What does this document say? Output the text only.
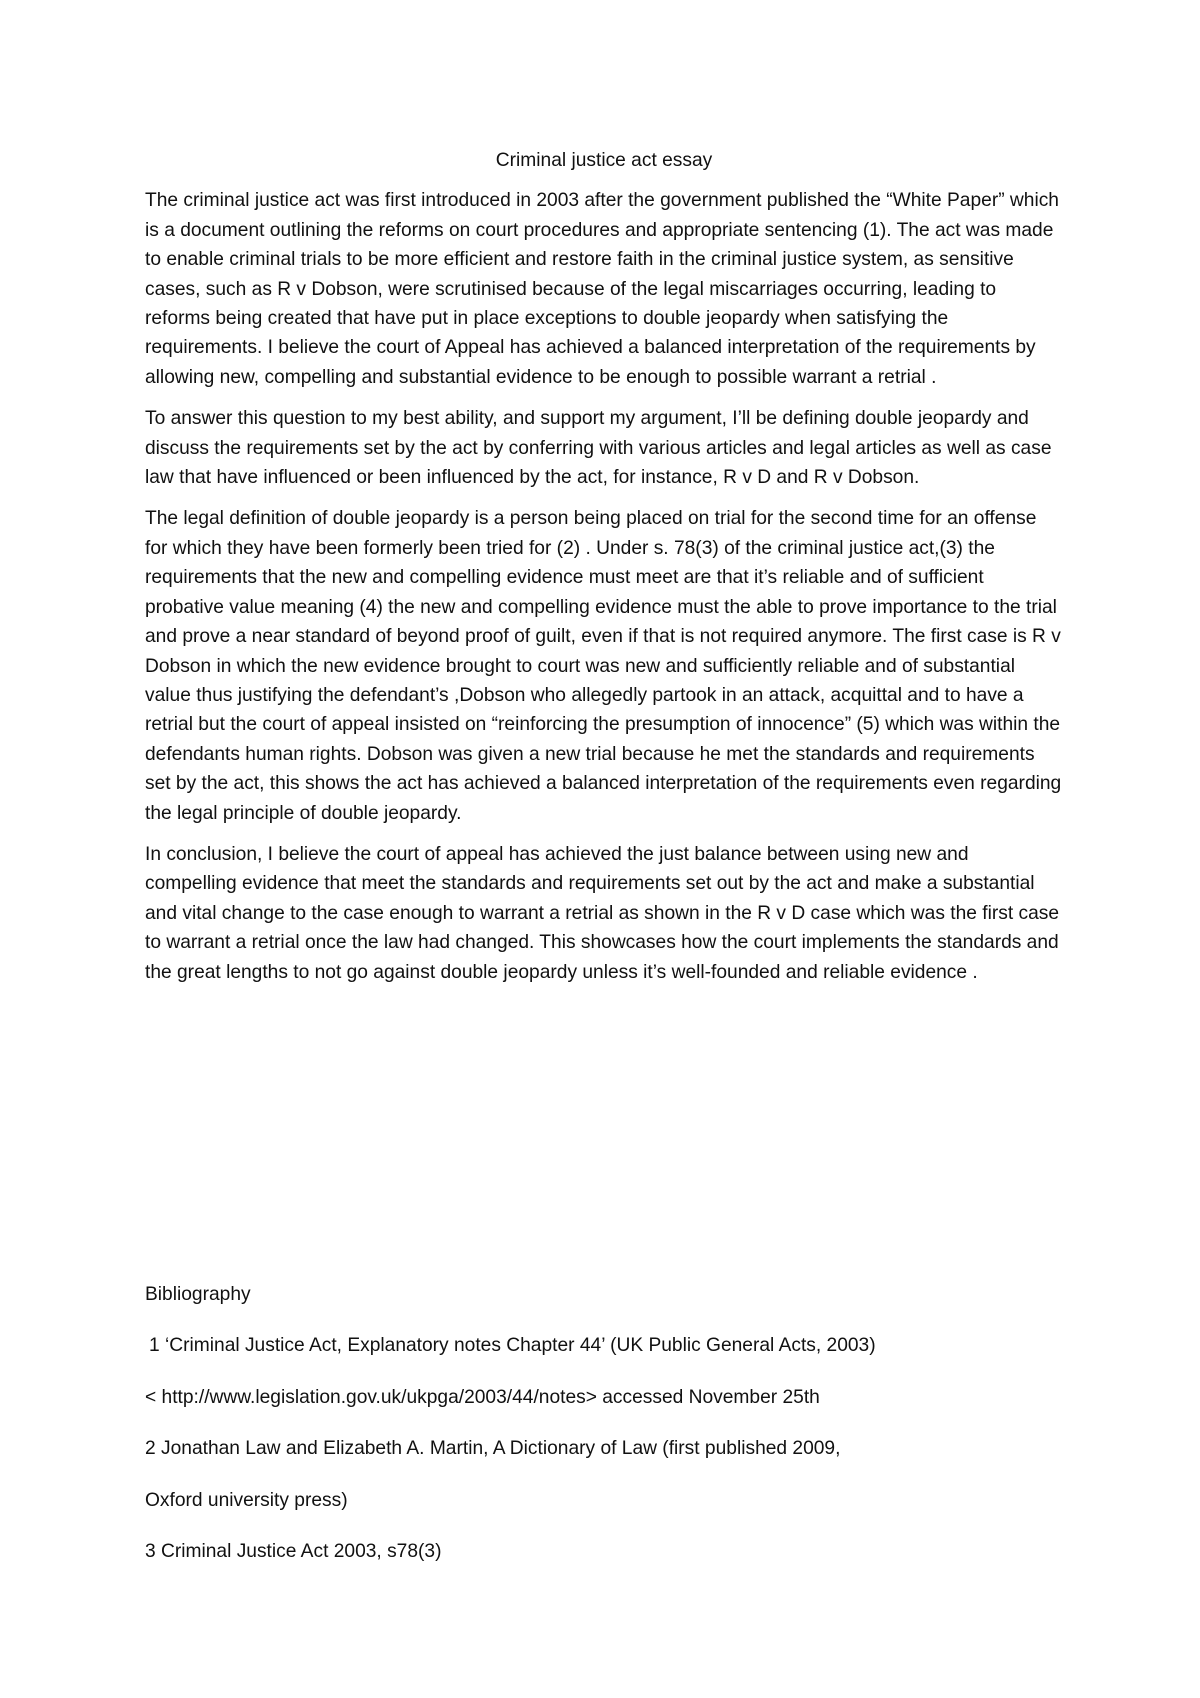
Criminal justice act essay

The criminal justice act was first introduced in 2003 after the government published the “White Paper” which is a document outlining the reforms on court procedures and appropriate sentencing (1). The act was made to enable criminal trials to be more efficient and restore faith in the criminal justice system, as sensitive cases, such as R v Dobson, were scrutinised because of the legal miscarriages occurring, leading to reforms being created that have put in place exceptions to double jeopardy when satisfying the requirements. I believe the court of Appeal has achieved a balanced interpretation of the requirements by allowing new, compelling and substantial evidence to be enough to possible warrant a retrial .

To answer this question to my best ability, and support my argument, I’ll be defining double jeopardy and discuss the requirements set by the act by conferring with various articles and legal articles as well as case law that have influenced or been influenced by the act, for instance, R v D and R v Dobson.

The legal definition of double jeopardy is a person being placed on trial for the second time for an offense for which they have been formerly been tried for (2) . Under s. 78(3) of the criminal justice act,(3) the requirements that the new and compelling evidence must meet are that it’s reliable and of sufficient probative value meaning (4) the new and compelling evidence must the able to prove importance to the trial and prove a near standard of beyond proof of guilt, even if that is not required anymore. The first case is R v Dobson in which the new evidence brought to court was new and sufficiently reliable and of substantial value thus justifying the defendant’s ,Dobson who allegedly partook in an attack, acquittal and to have a retrial but the court of appeal insisted on “reinforcing the presumption of innocence” (5) which was within the defendants human rights. Dobson was given a new trial because he met the standards and requirements set by the act, this shows the act has achieved a balanced interpretation of the requirements even regarding the legal principle of double jeopardy.

In conclusion, I believe the court of appeal has achieved the just balance between using new and compelling evidence that meet the standards and requirements set out by the act and make a substantial and vital change to the case enough to warrant a retrial as shown in the R v D case which was the first case to warrant a retrial once the law had changed. This showcases how the court implements the standards and the great lengths to not go against double jeopardy unless it’s well-founded and reliable evidence .

Bibliography

1 ‘Criminal Justice Act, Explanatory notes Chapter 44’ (UK Public General Acts, 2003)

< http://www.legislation.gov.uk/ukpga/2003/44/notes> accessed November 25th

2 Jonathan Law and Elizabeth A. Martin, A Dictionary of Law (first published 2009,

Oxford university press)

3 Criminal Justice Act 2003, s78(3)
